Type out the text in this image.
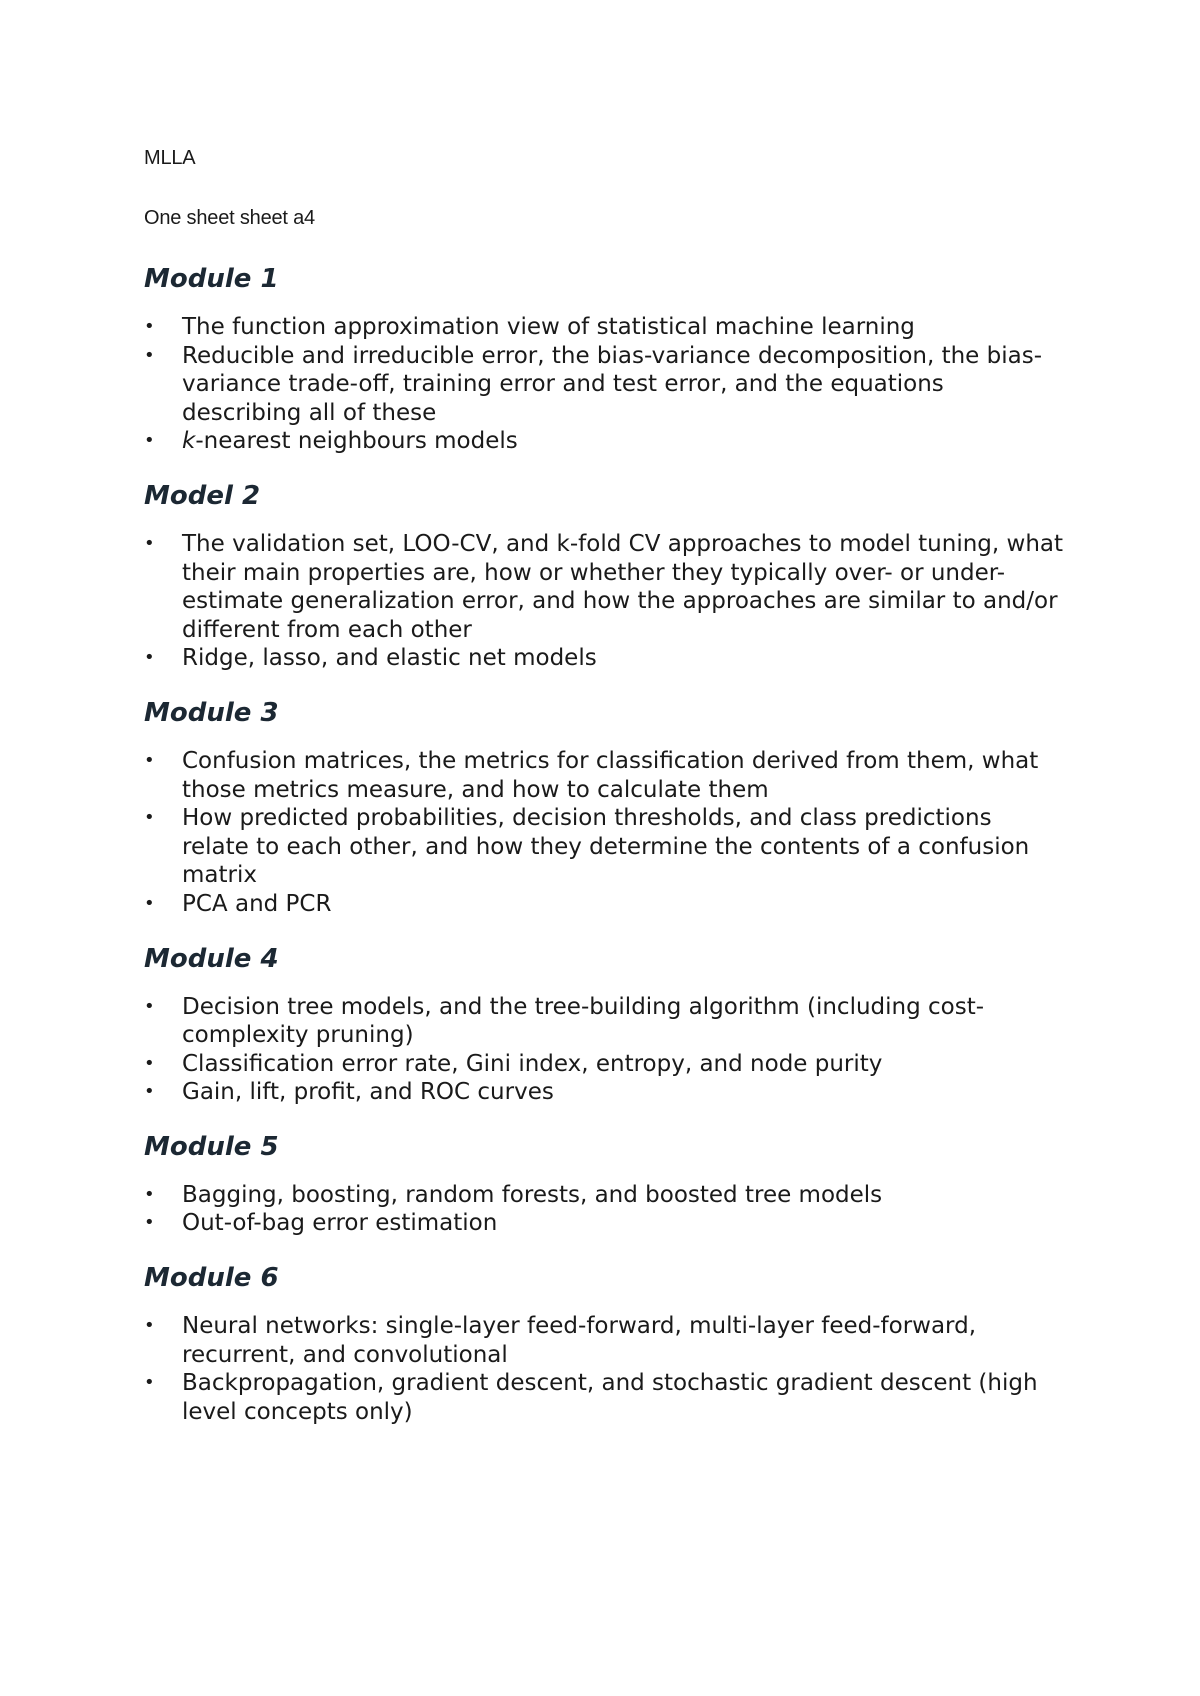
MLLA

One sheet sheet a4

Module 1
• The function approximation view of statistical machine learning
• Reducible and irreducible error, the bias-variance decomposition, the bias-variance trade-off, training error and test error, and the equations describing all of these
• k-nearest neighbours models
Model 2
• The validation set, LOO-CV, and k-fold CV approaches to model tuning, what their main properties are, how or whether they typically over- or under-estimate generalization error, and how the approaches are similar to and/or different from each other
• Ridge, lasso, and elastic net models
Module 3
• Confusion matrices, the metrics for classification derived from them, what those metrics measure, and how to calculate them
• How predicted probabilities, decision thresholds, and class predictions relate to each other, and how they determine the contents of a confusion matrix
• PCA and PCR
Module 4
• Decision tree models, and the tree-building algorithm (including cost-complexity pruning)
• Classification error rate, Gini index, entropy, and node purity
• Gain, lift, profit, and ROC curves
Module 5
• Bagging, boosting, random forests, and boosted tree models
• Out-of-bag error estimation
Module 6
• Neural networks: single-layer feed-forward, multi-layer feed-forward, recurrent, and convolutional
• Backpropagation, gradient descent, and stochastic gradient descent (high level concepts only)
